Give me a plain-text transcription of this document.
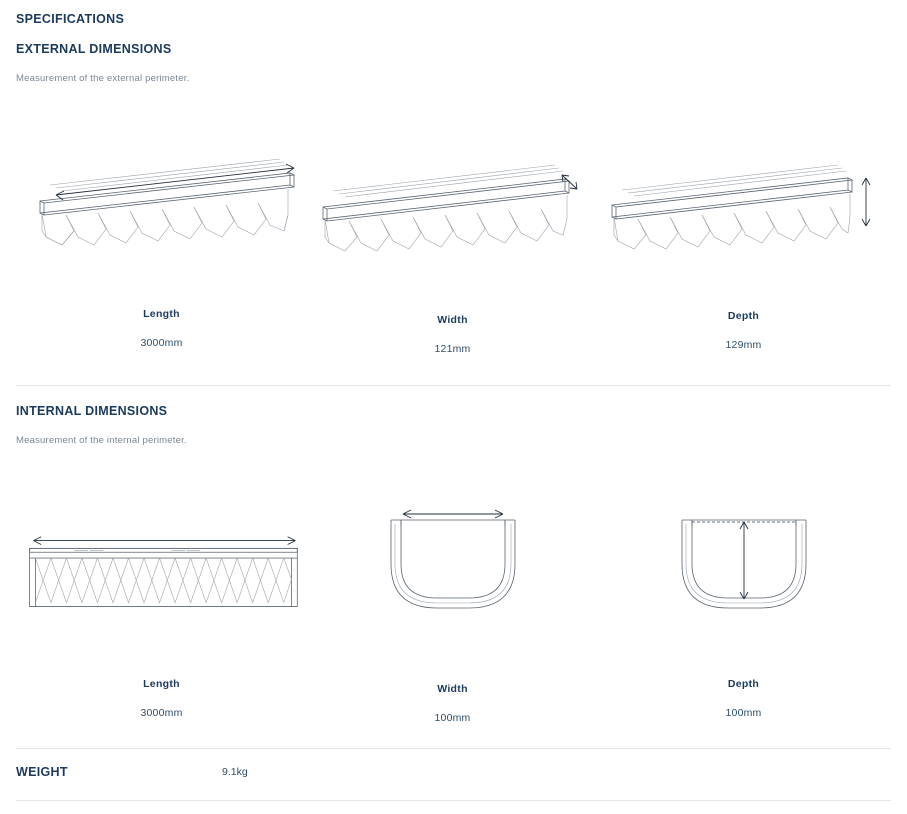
SPECIFICATIONS
EXTERNAL DIMENSIONS
Measurement of the external perimeter.
Length
3000mm
Width
121mm
Depth
129mm
INTERNAL DIMENSIONS
Measurement of the internal perimeter.
Length
3000mm
Width
100mm
Depth
100mm
WEIGHT	9.1kg
